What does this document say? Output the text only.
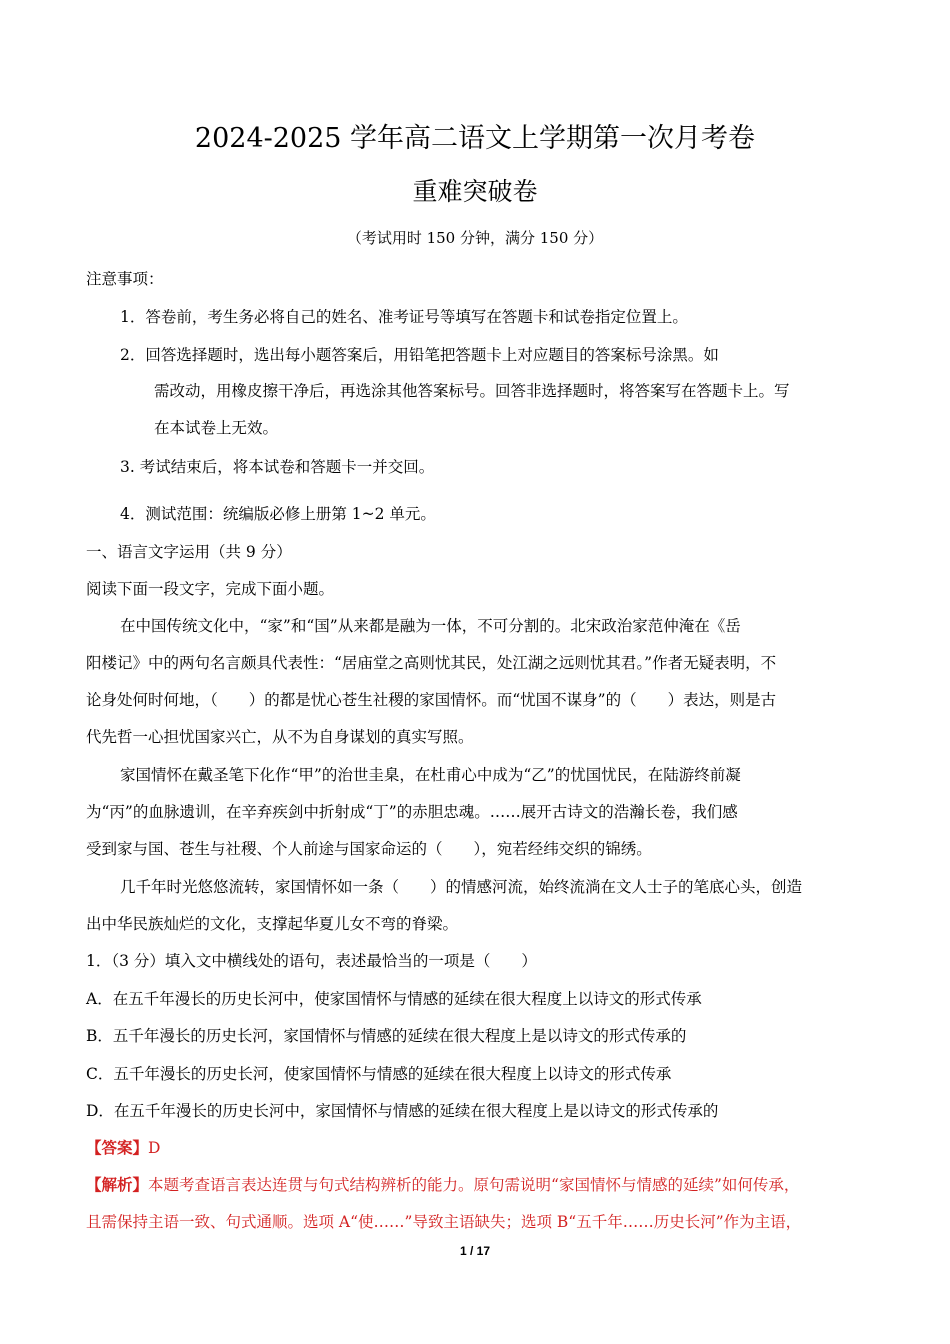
2024-2025 学年高二语文上学期第一次月考卷
重难突破卷
（考试用时 150 分钟，满分 150 分）
注意事项：
1．答卷前，考生务必将自己的姓名、准考证号等填写在答题卡和试卷指定位置上。
2．回答选择题时，选出每小题答案后，用铅笔把答题卡上对应题目的答案标号涂黑。如
需改动，用橡皮擦干净后，再选涂其他答案标号。回答非选择题时，将答案写在答题卡上。写
在本试卷上无效。
3. 考试结束后，将本试卷和答题卡一并交回。
4．测试范围：统编版必修上册第 1~2 单元。
一、语言文字运用（共 9 分）
阅读下面一段文字，完成下面小题。
在中国传统文化中，“家”和“国”从来都是融为一体，不可分割的。北宋政治家范仲淹在《岳
阳楼记》中的两句名言颇具代表性：“居庙堂之高则忧其民，处江湖之远则忧其君。”作者无疑表明，不
论身处何时何地，（　　）的都是忧心苍生社稷的家国情怀。而“忧国不谋身”的（　　）表达，则是古
代先哲一心担忧国家兴亡，从不为自身谋划的真实写照。
家国情怀在戴圣笔下化作“甲”的治世圭臬，在杜甫心中成为“乙”的忧国忧民，在陆游终前凝
为“丙”的血脉遗训，在辛弃疾剑中折射成“丁”的赤胆忠魂。……展开古诗文的浩瀚长卷，我们感
受到家与国、苍生与社稷、个人前途与国家命运的（　　），宛若经纬交织的锦绣。
几千年时光悠悠流转，家国情怀如一条（　　）的情感河流，始终流淌在文人士子的笔底心头，创造
出中华民族灿烂的文化，支撑起华夏儿女不弯的脊梁。
1．（3 分）填入文中横线处的语句，表述最恰当的一项是（　　）
A．在五千年漫长的历史长河中，使家国情怀与情感的延续在很大程度上以诗文的形式传承
B．五千年漫长的历史长河，家国情怀与情感的延续在很大程度上是以诗文的形式传承的
C．五千年漫长的历史长河，使家国情怀与情感的延续在很大程度上以诗文的形式传承
D．在五千年漫长的历史长河中，家国情怀与情感的延续在很大程度上是以诗文的形式传承的
【答案】D
【解析】本题考查语言表达连贯与句式结构辨析的能力。原句需说明“家国情怀与情感的延续”如何传承，
且需保持主语一致、句式通顺。选项 A“使……”导致主语缺失；选项 B“五千年……历史长河”作为主语，
1 / 17
